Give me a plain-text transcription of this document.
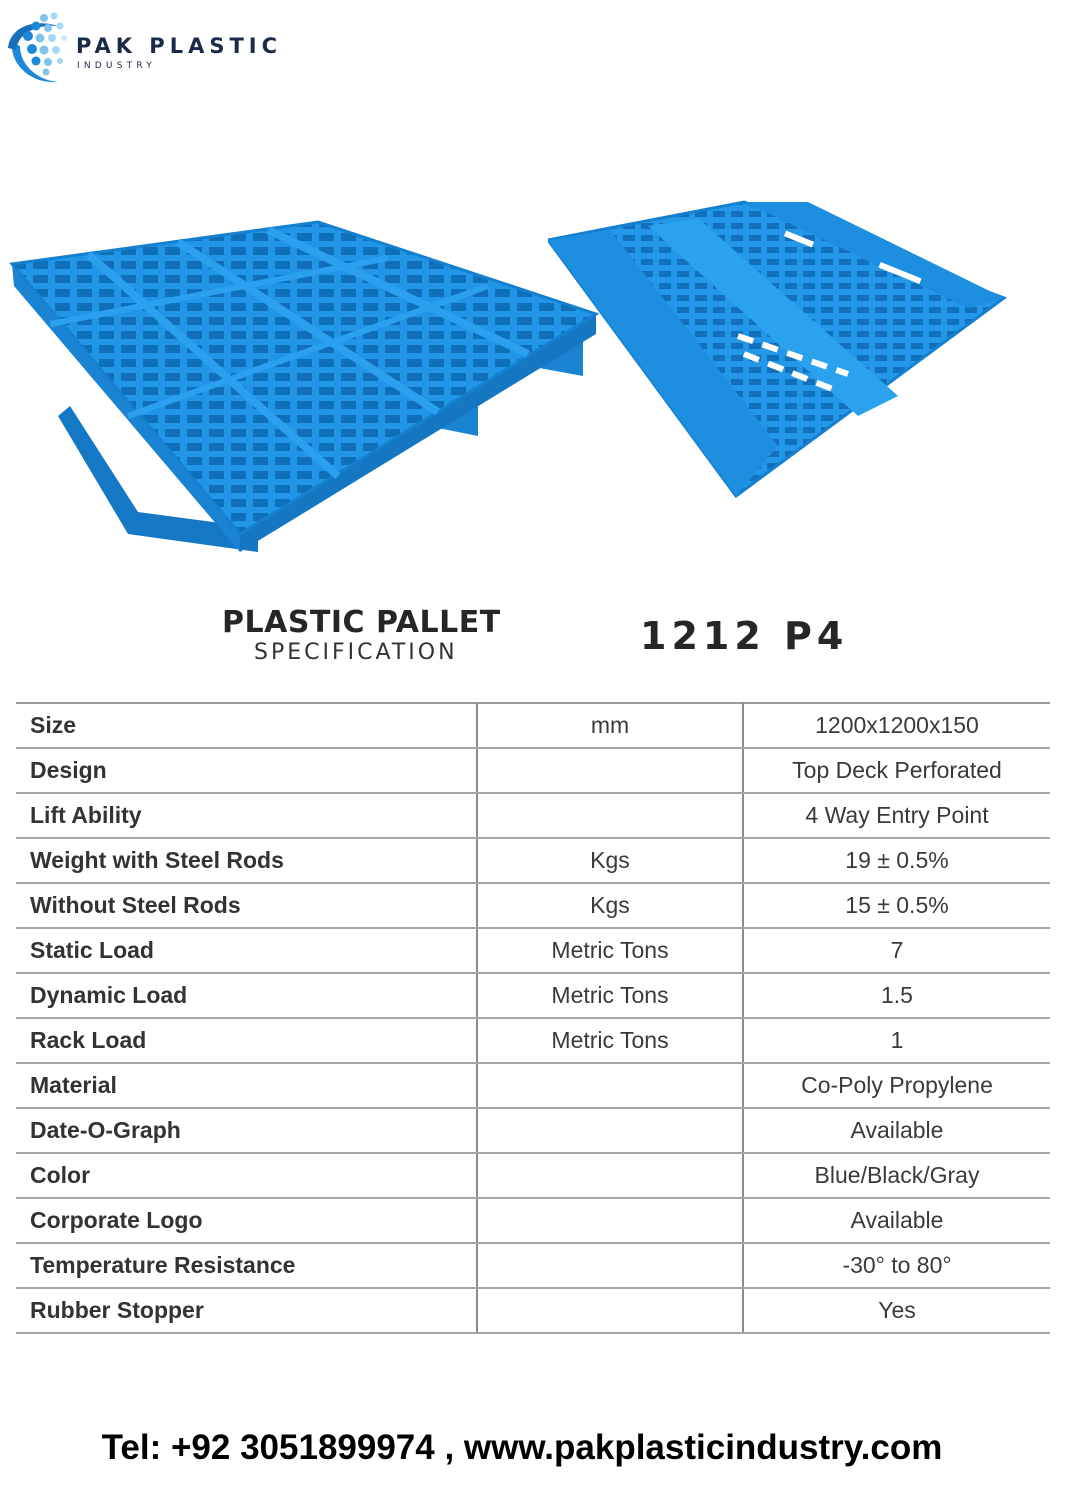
PAK PLASTIC
INDUSTRY
PLASTIC PALLET
SPECIFICATION	1212 P4
Size	mm	1200x1200x150
Design		Top Deck Perforated
Lift Ability		4 Way Entry Point
Weight with Steel Rods	Kgs	19 ± 0.5%
Without Steel Rods	Kgs	15 ± 0.5%
Static Load	Metric Tons	7
Dynamic Load	Metric Tons	1.5
Rack Load	Metric Tons	1
Material		Co-Poly Propylene
Date-O-Graph		Available
Color		Blue/Black/Gray
Corporate Logo		Available
Temperature Resistance		-30° to 80°
Rubber Stopper		Yes
Tel: +92 3051899974 , www.pakplasticindustry.com
